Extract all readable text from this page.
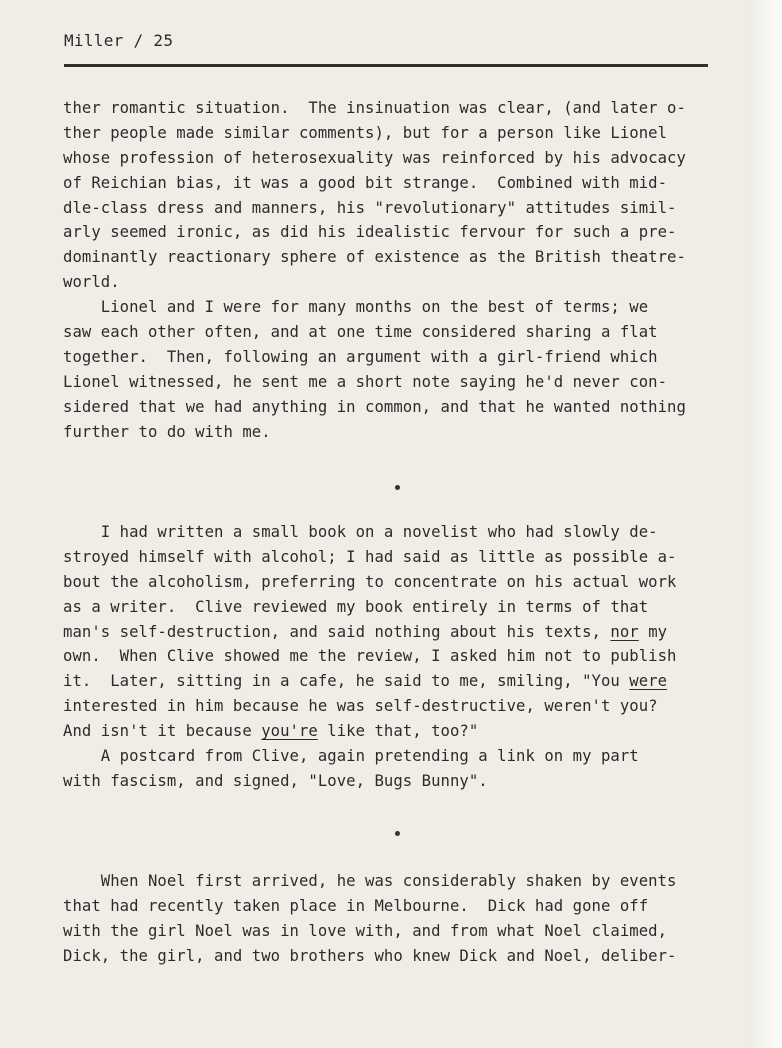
Miller / 25
ther romantic situation.  The insinuation was clear, (and later o-
ther people made similar comments), but for a person like Lionel
whose profession of heterosexuality was reinforced by his advocacy
of Reichian bias, it was a good bit strange.  Combined with mid-
dle-class dress and manners, his "revolutionary" attitudes simil-
arly seemed ironic, as did his idealistic fervour for such a pre-
dominantly reactionary sphere of existence as the British theatre-
world.
Lionel and I were for many months on the best of terms; we
saw each other often, and at one time considered sharing a flat
together.  Then, following an argument with a girl-friend which
Lionel witnessed, he sent me a short note saying he'd never con-
sidered that we had anything in common, and that he wanted nothing
further to do with me.
I had written a small book on a novelist who had slowly de-
stroyed himself with alcohol; I had said as little as possible a-
bout the alcoholism, preferring to concentrate on his actual work
as a writer.  Clive reviewed my book entirely in terms of that
man's self-destruction, and said nothing about his texts, nor my
own.  When Clive showed me the review, I asked him not to publish
it.  Later, sitting in a cafe, he said to me, smiling, "You were
interested in him because he was self-destructive, weren't you?
And isn't it because you're like that, too?"
A postcard from Clive, again pretending a link on my part
with fascism, and signed, "Love, Bugs Bunny".
When Noel first arrived, he was considerably shaken by events
that had recently taken place in Melbourne.  Dick had gone off
with the girl Noel was in love with, and from what Noel claimed,
Dick, the girl, and two brothers who knew Dick and Noel, deliber-
